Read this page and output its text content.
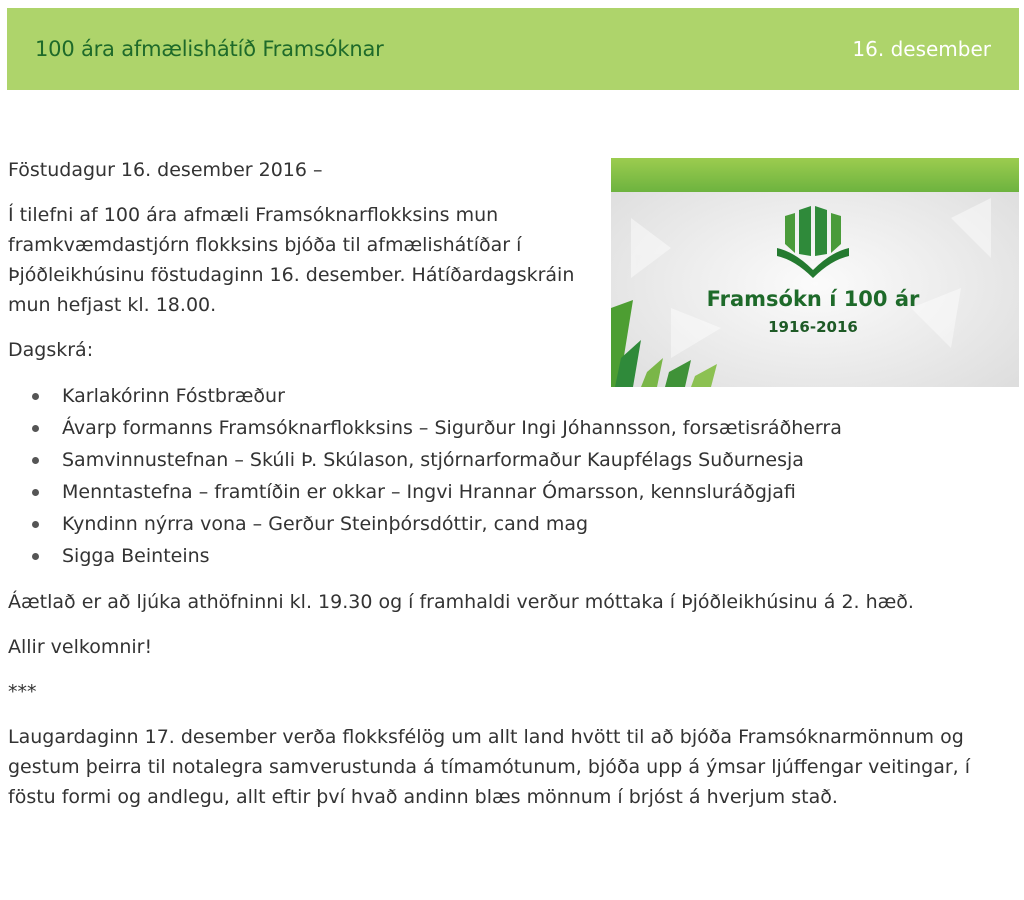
100 ára afmælishátíð Framsóknar	16. desember
Framsókn í 100 ár
1916-2016

Föstudagur 16. desember 2016 –

Í tilefni af 100 ára afmæli Framsóknarflokksins mun framkvæmdastjórn flokksins bjóða til afmælishátíðar í Þjóðleikhúsinu föstudaginn 16. desember. Hátíðardagskráin mun hefjast kl. 18.00.

Dagskrá:

Karlakórinn Fóstbræður
Ávarp formanns Framsóknarflokksins – Sigurður Ingi Jóhannsson, forsætisráðherra
Samvinnustefnan – Skúli Þ. Skúlason, stjórnarformaður Kaupfélags Suðurnesja
Menntastefna – framtíðin er okkar – Ingvi Hrannar Ómarsson, kennsluráðgjafi
Kyndinn nýrra vona – Gerður Steinþórsdóttir, cand mag
Sigga Beinteins

Áætlað er að ljúka athöfninni kl. 19.30 og í framhaldi verður móttaka í Þjóðleikhúsinu á 2. hæð.

Allir velkomnir!

***

Laugardaginn 17. desember verða flokksfélög um allt land hvött til að bjóða Framsóknarmönnum og gestum þeirra til notalegra samverustunda á tímamótunum, bjóða upp á ýmsar ljúffengar veitingar, í föstu formi og andlegu, allt eftir því hvað andinn blæs mönnum í brjóst á hverjum stað.
